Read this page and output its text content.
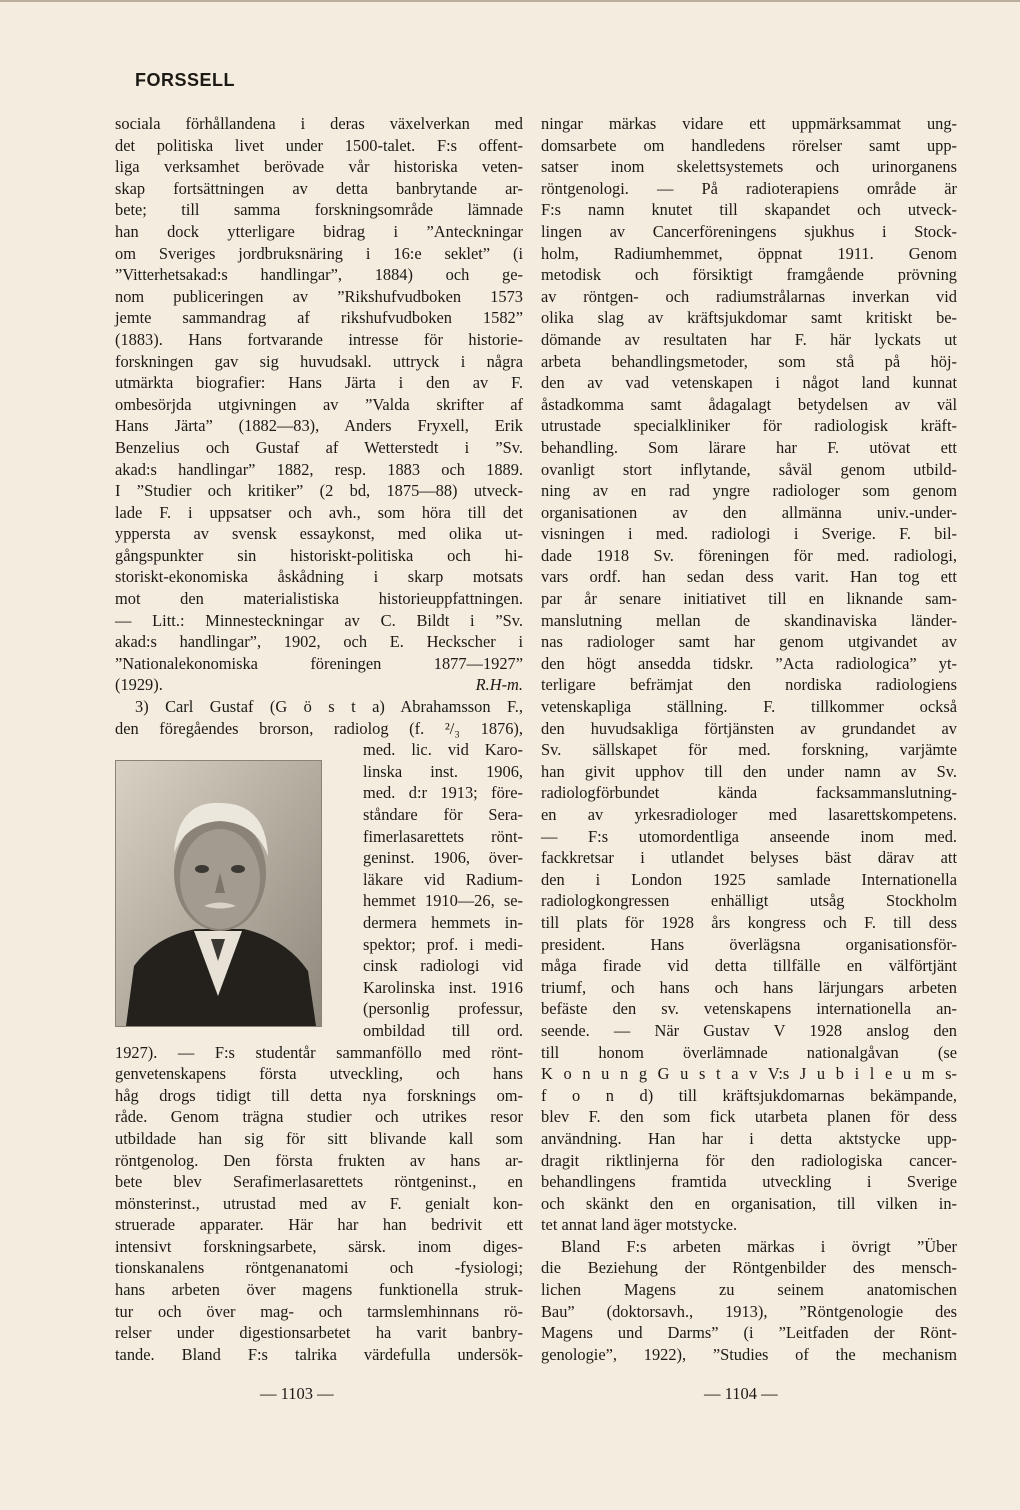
FORSSELL
sociala förhållandena i deras växelverkan med
det politiska livet under 1500-talet. F:s offent-
liga verksamhet berövade vår historiska veten-
skap fortsättningen av detta banbrytande ar-
bete; till samma forskningsområde lämnade
han dock ytterligare bidrag i ”Anteckningar
om Sveriges jordbruksnäring i 16:e seklet” (i
”Vitterhetsakad:s handlingar”, 1884) och ge-
nom publiceringen av ”Rikshufvudboken 1573
jemte sammandrag af rikshufvudboken 1582”
(1883). Hans fortvarande intresse för historie-
forskningen gav sig huvudsakl. uttryck i några
utmärkta biografier: Hans Järta i den av F.
ombesörjda utgivningen av ”Valda skrifter af
Hans Järta” (1882—83), Anders Fryxell, Erik
Benzelius och Gustaf af Wetterstedt i ”Sv.
akad:s handlingar” 1882, resp. 1883 och 1889.
I ”Studier och kritiker” (2 bd, 1875—88) utveck-
lade F. i uppsatser och avh., som höra till det
yppersta av svensk essaykonst, med olika ut-
gångspunkter sin historiskt-politiska och hi-
storiskt-ekonomiska åskådning i skarp motsats
mot den materialistiska historieuppfattningen.
— Litt.: Minnesteckningar av C. Bildt i ”Sv.
akad:s handlingar”, 1902, och E. Heckscher i
”Nationalekonomiska föreningen 1877—1927”
(1929).	R.H-m.
3) Carl Gustaf (G ö s t a) Abrahamsson F.,
den föregåendes brorson, radiolog (f. ²/₃ 1876),
med. lic. vid Karo-
linska inst. 1906,
med. d:r 1913; före-
ståndare för Sera-
fimerlasarettets rönt-
geninst. 1906, över-
läkare vid Radium-
hemmet 1910—26, se-
dermera hemmets in-
spektor; prof. i medi-
cinsk radiologi vid
Karolinska inst. 1916
(personlig professur,
ombildad till ord.
1927). — F:s studentår sammanföllo med rönt-
genvetenskapens första utveckling, och hans
håg drogs tidigt till detta nya forsknings om-
råde. Genom trägna studier och utrikes resor
utbildade han sig för sitt blivande kall som
röntgenolog. Den första frukten av hans ar-
bete blev Serafimerlasarettets röntgeninst., en
mönsterinst., utrustad med av F. genialt kon-
struerade apparater. Här har han bedrivit ett
intensivt forskningsarbete, särsk. inom diges-
tionskanalens röntgenanatomi och -fysiologi;
hans arbeten över magens funktionella struk-
tur och över mag- och tarmslemhinnans rö-
relser under digestionsarbetet ha varit banbry-
tande. Bland F:s talrika värdefulla undersök-
ningar märkas vidare ett uppmärksammat ung-
domsarbete om handledens rörelser samt upp-
satser inom skelettsystemets och urinorganens
röntgenologi. — På radioterapiens område är
F:s namn knutet till skapandet och utveck-
lingen av Cancerföreningens sjukhus i Stock-
holm, Radiumhemmet, öppnat 1911. Genom
metodisk och försiktigt framgående prövning
av röntgen- och radiumstrålarnas inverkan vid
olika slag av kräftsjukdomar samt kritiskt be-
dömande av resultaten har F. här lyckats ut
arbeta behandlingsmetoder, som stå på höj-
den av vad vetenskapen i något land kunnat
åstadkomma samt ådagalagt betydelsen av väl
utrustade specialkliniker för radiologisk kräft-
behandling. Som lärare har F. utövat ett
ovanligt stort inflytande, såväl genom utbild-
ning av en rad yngre radiologer som genom
organisationen av den allmänna univ.-under-
visningen i med. radiologi i Sverige. F. bil-
dade 1918 Sv. föreningen för med. radiologi,
vars ordf. han sedan dess varit. Han tog ett
par år senare initiativet till en liknande sam-
manslutning mellan de skandinaviska länder-
nas radiologer samt har genom utgivandet av
den högt ansedda tidskr. ”Acta radiologica” yt-
terligare befrämjat den nordiska radiologiens
vetenskapliga ställning. F. tillkommer också
den huvudsakliga förtjänsten av grundandet av
Sv. sällskapet för med. forskning, varjämte
han givit upphov till den under namn av Sv.
radiologförbundet kända facksammanslutning-
en av yrkesradiologer med lasarettskompetens.
— F:s utomordentliga anseende inom med.
fackkretsar i utlandet belyses bäst därav att
den i London 1925 samlade Internationella
radiologkongressen enhälligt utsåg Stockholm
till plats för 1928 års kongress och F. till dess
president. Hans överlägsna organisationsför-
måga firade vid detta tillfälle en välförtjänt
triumf, och hans och hans lärjungars arbeten
befäste den sv. vetenskapens internationella an-
seende. — När Gustav V 1928 anslog den
till honom överlämnade nationalgåvan (se
K o n u n g G u s t a v V:s J u b i l e u m s-
f o n d) till kräftsjukdomarnas bekämpande,
blev F. den som fick utarbeta planen för dess
användning. Han har i detta aktstycke upp-
dragit riktlinjerna för den radiologiska cancer-
behandlingens framtida utveckling i Sverige
och skänkt den en organisation, till vilken in-
tet annat land äger motstycke.
Bland F:s arbeten märkas i övrigt ”Über
die Beziehung der Röntgenbilder des mensch-
lichen Magens zu seinem anatomischen
Bau” (doktorsavh., 1913), ”Röntgenologie des
Magens und Darms” (i ”Leitfaden der Rönt-
genologie”, 1922), ”Studies of the mechanism
— 1103 —	— 1104 —
